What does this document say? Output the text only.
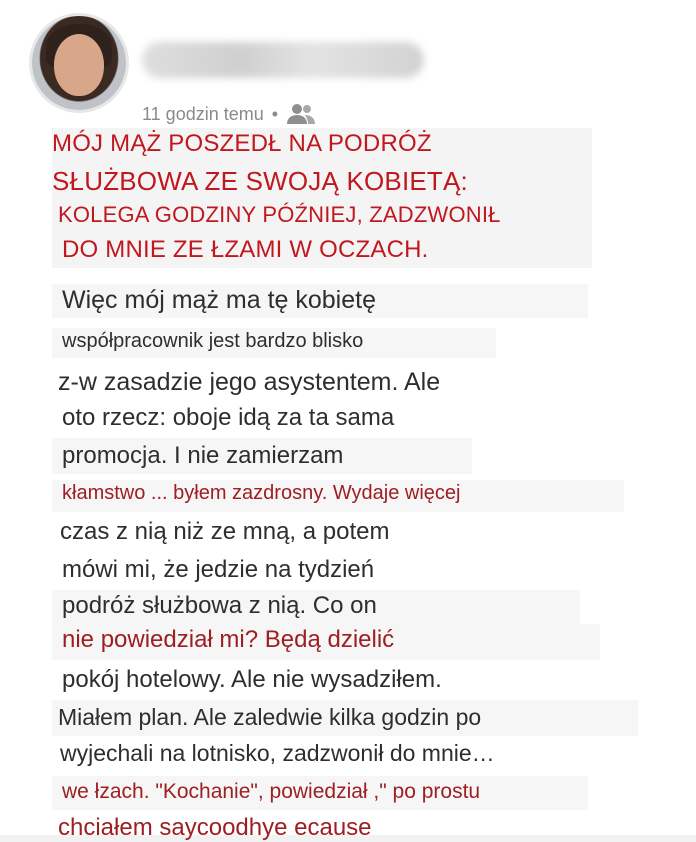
11 godzin temu •
MÓJ MĄŻ POSZEDŁ NA PODRÓŻ
SŁUŻBOWA ZE SWOJĄ KOBIETĄ:
KOLEGA GODZINY PÓŹNIEJ, ZADZWONIŁ
DO MNIE ZE ŁZAMI W OCZACH.
Więc mój mąż ma tę kobietę
współpracownik jest bardzo blisko
z-w zasadzie jego asystentem. Ale
oto rzecz: oboje idą za ta sama
promocja. I nie zamierzam
kłamstwo ... byłem zazdrosny. Wydaje więcej
czas z nią niż ze mną, a potem
mówi mi, że jedzie na tydzień
podróż służbowa z nią. Co on
nie powiedział mi? Będą dzielić
pokój hotelowy. Ale nie wysadziłem.
Miałem plan. Ale zaledwie kilka godzin po
wyjechali na lotnisko, zadzwonił do mnie…
we łzach. "Kochanie", powiedział ," po prostu
chciałem saycoodhye ecause
